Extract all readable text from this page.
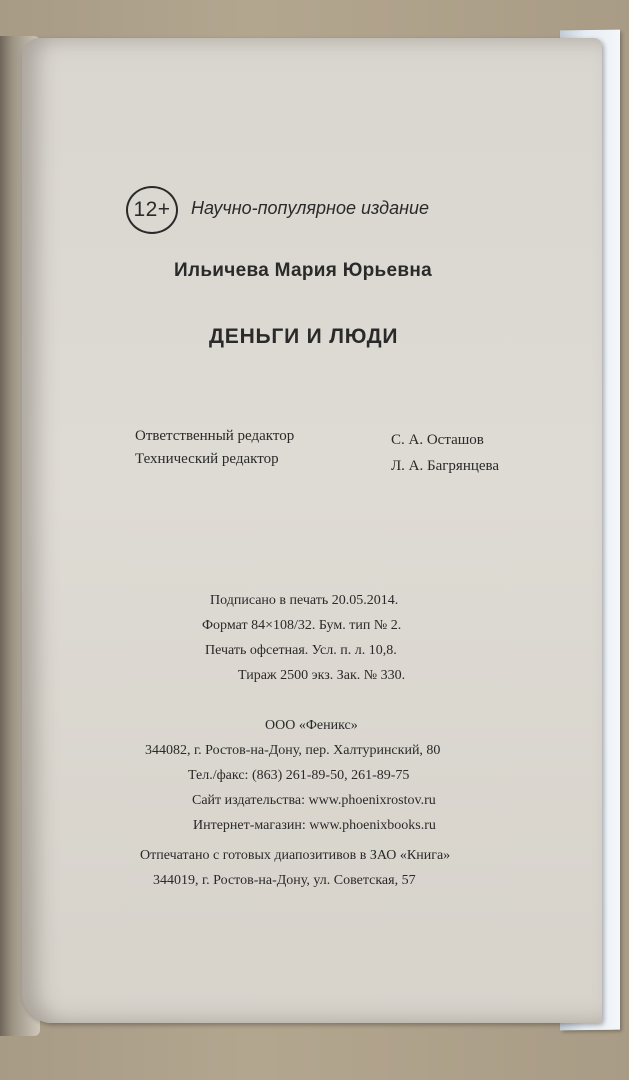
12+	Научно-популярное издание
Ильичева Мария Юрьевна
ДЕНЬГИ И ЛЮДИ
Ответственный редактор	С. А. Осташов
Технический редактор	Л. А. Багрянцева
Подписано в печать 20.05.2014.
Формат 84×108/32. Бум. тип № 2.
Печать офсетная. Усл. п. л. 10,8.
Тираж 2500 экз. Зак. № 330.
ООО «Феникс»
344082, г. Ростов-на-Дону, пер. Халтуринский, 80
Тел./факс: (863) 261-89-50, 261-89-75
Сайт издательства: www.phoenixrostov.ru
Интернет-магазин: www.phoenixbooks.ru
Отпечатано с готовых диапозитивов в ЗАО «Книга»
344019, г. Ростов-на-Дону, ул. Советская, 57
